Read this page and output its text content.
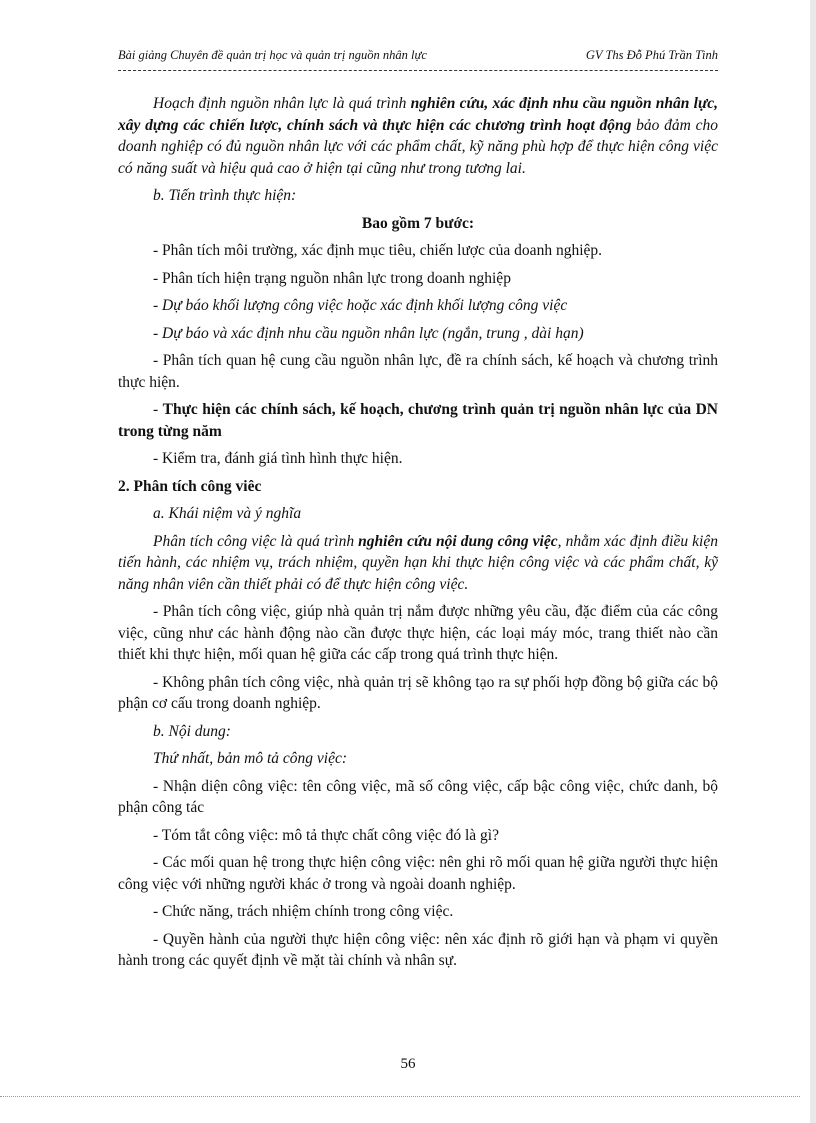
Bài giảng Chuyên đề quản trị học và quản trị nguồn nhân lực	GV Ths Đỗ Phú Trần Tình

Hoạch định nguồn nhân lực là quá trình nghiên cứu, xác định nhu cầu nguồn nhân lực, xây dựng các chiến lược, chính sách và thực hiện các chương trình hoạt động bảo đảm cho doanh nghiệp có đủ nguồn nhân lực với các phẩm chất, kỹ năng phù hợp để thực hiện công việc có năng suất và hiệu quả cao ở hiện tại cũng như trong tương lai.

b. Tiến trình thực hiện:

Bao gồm 7 bước:

- Phân tích môi trường, xác định mục tiêu, chiến lược của doanh nghiệp.

- Phân tích hiện trạng nguồn nhân lực trong doanh nghiệp

- Dự báo khối lượng công việc hoặc xác định khối lượng công việc

- Dự báo và xác định nhu cầu nguồn nhân lực (ngắn, trung , dài hạn)

- Phân tích quan hệ cung cầu nguồn nhân lực, đề ra chính sách, kế hoạch và chương trình thực hiện.

- Thực hiện các chính sách, kế hoạch, chương trình quản trị nguồn nhân lực của DN trong từng năm

- Kiểm tra, đánh giá tình hình thực hiện.

2. Phân tích công viêc

a. Khái niệm và ý nghĩa

Phân tích công việc là quá trình nghiên cứu nội dung công việc, nhằm xác định điều kiện tiến hành, các nhiệm vụ, trách nhiệm, quyền hạn khi thực hiện công việc và các phẩm chất, kỹ năng nhân viên cần thiết phải có để thực hiện công việc.

- Phân tích công việc, giúp nhà quản trị nắm được những yêu cầu, đặc điểm của các công việc, cũng như các hành động nào cần được thực hiện, các loại máy móc, trang thiết nào cần thiết khi thực hiện, mối quan hệ giữa các cấp trong quá trình thực hiện.

- Không phân tích công việc, nhà quản trị sẽ không tạo ra sự phối hợp đồng bộ giữa các bộ phận cơ cấu trong doanh nghiệp.

b. Nội dung:

Thứ nhất, bản mô tả công việc:

- Nhận diện công việc: tên công việc, mã số công việc, cấp bậc công việc, chức danh, bộ phận công tác

- Tóm tắt công việc: mô tả thực chất công việc đó là gì?

- Các mối quan hệ trong thực hiện công việc: nên ghi rõ mối quan hệ giữa người thực hiện công việc với những người khác ở trong và ngoài doanh nghiệp.

- Chức năng, trách nhiệm chính trong công việc.

- Quyền hành của người thực hiện công việc: nên xác định rõ giới hạn và phạm vi quyền hành trong các quyết định về mặt tài chính và nhân sự.

56
